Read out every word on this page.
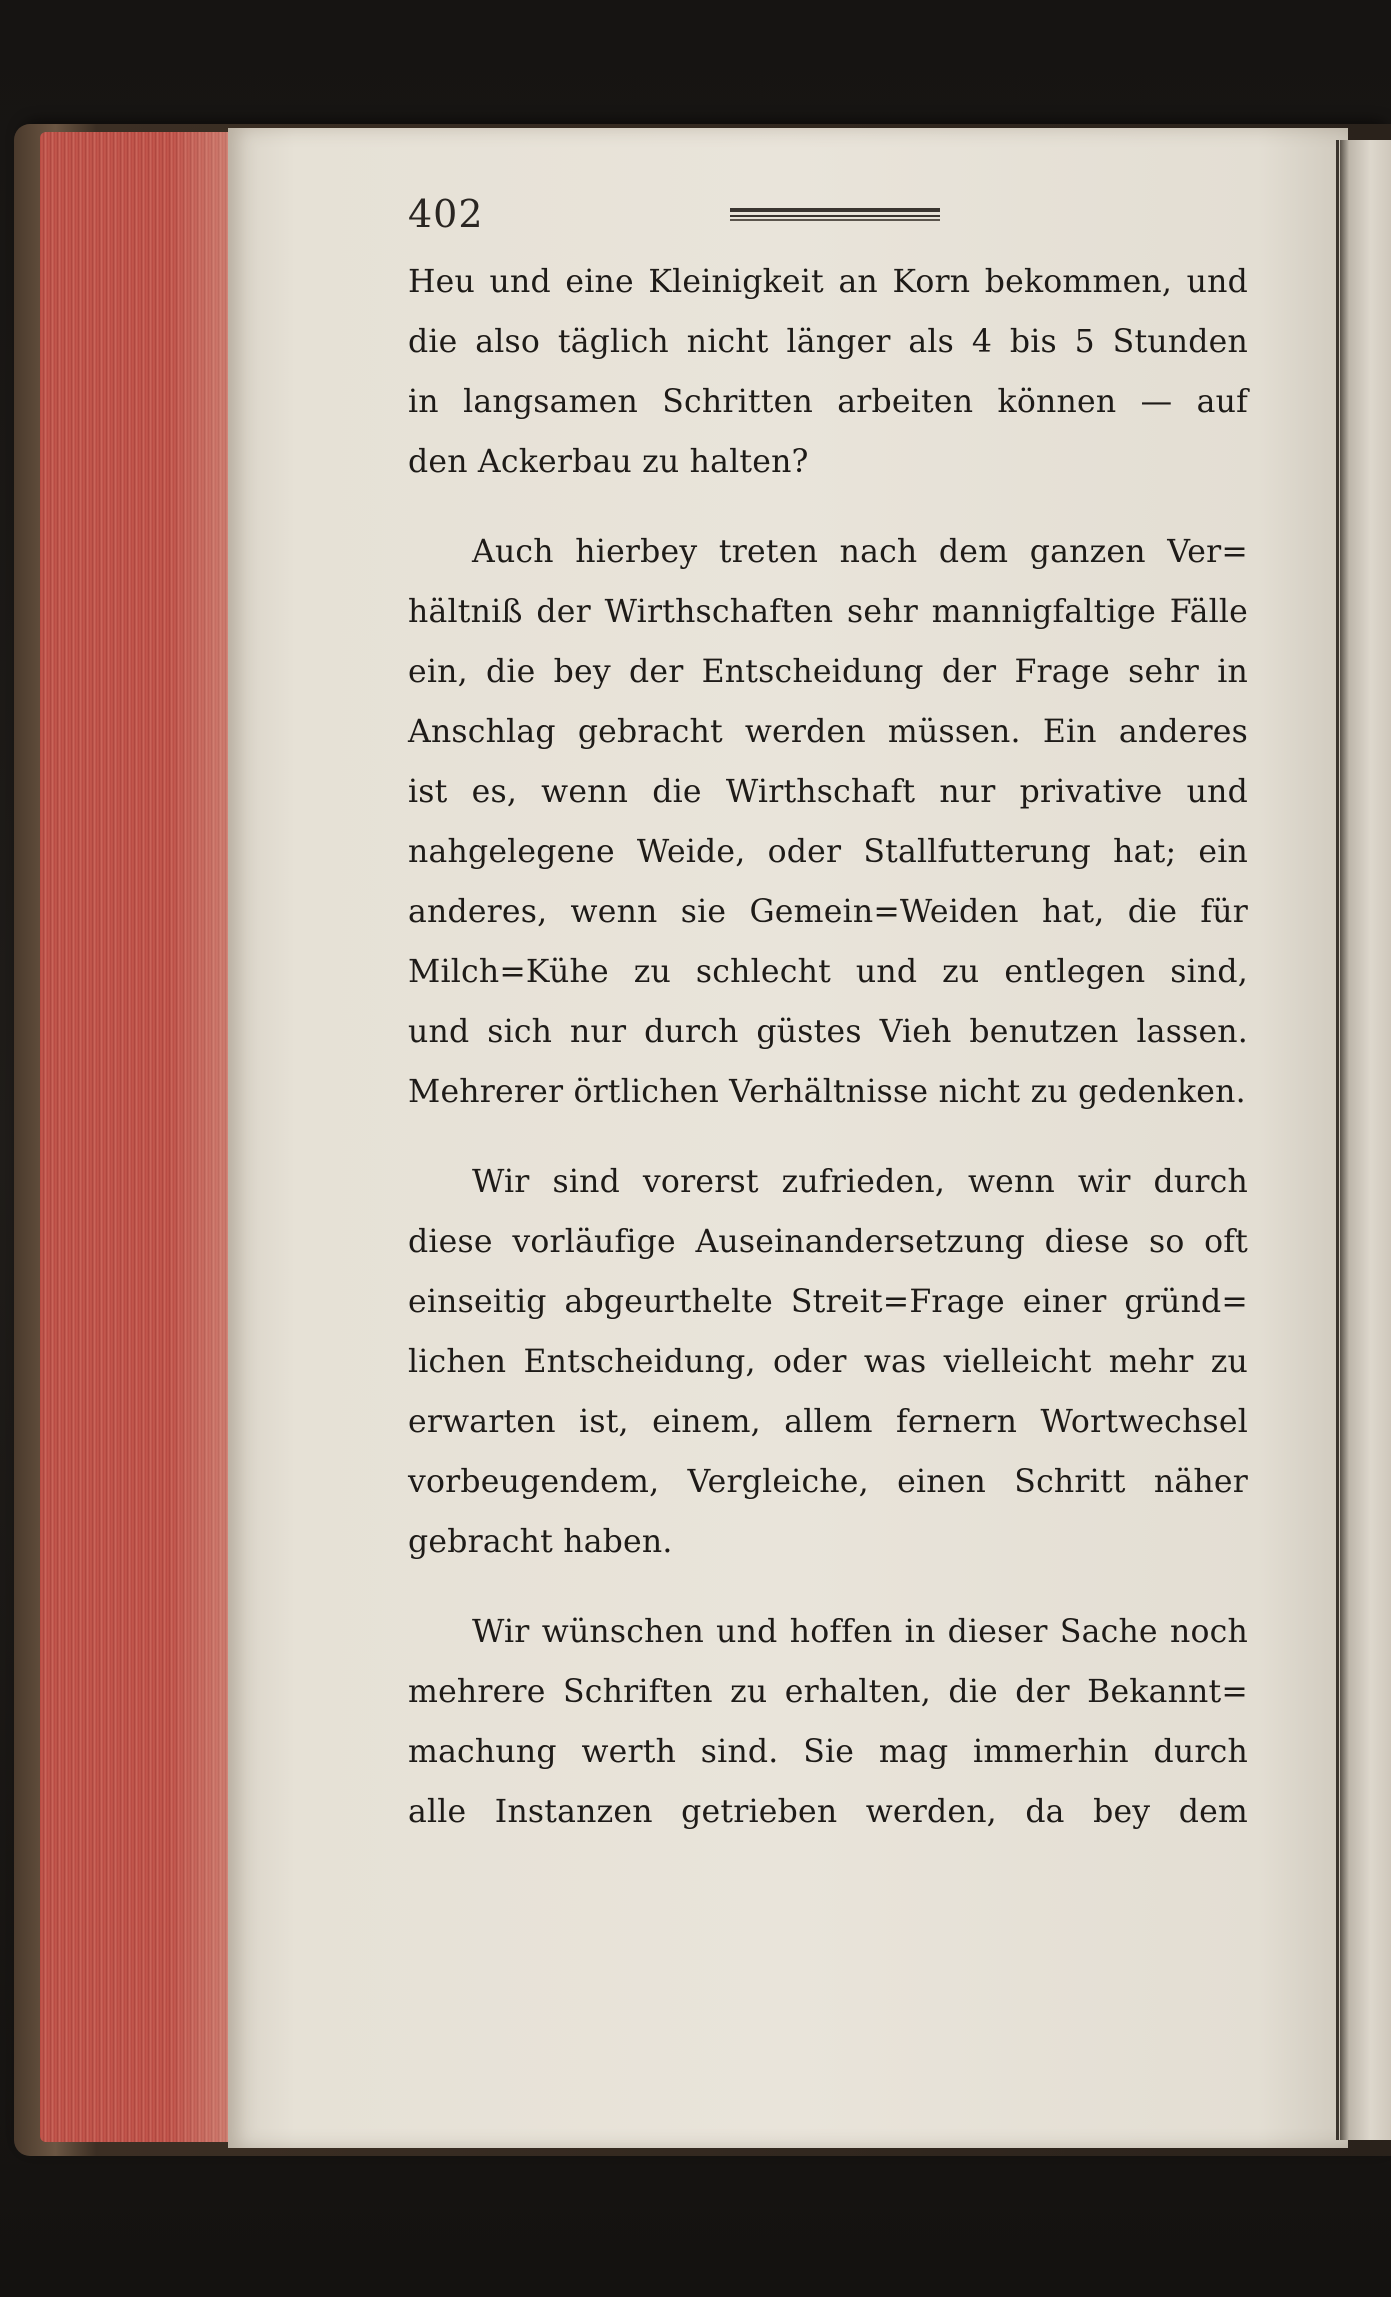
402
Heu und eine Kleinigkeit an Korn bekommen, und
die also täglich nicht länger als 4 bis 5 Stunden
in langsamen Schritten arbeiten können — auf
den Ackerbau zu halten?
Auch hierbey treten nach dem ganzen Ver=
hältniß der Wirthschaften sehr mannigfaltige Fälle
ein, die bey der Entscheidung der Frage sehr in
Anschlag gebracht werden müssen. Ein anderes
ist es, wenn die Wirthschaft nur privative und
nahgelegene Weide, oder Stallfutterung hat; ein
anderes, wenn sie Gemein=Weiden hat, die für
Milch=Kühe zu schlecht und zu entlegen sind,
und sich nur durch güstes Vieh benutzen lassen.
Mehrerer örtlichen Verhältnisse nicht zu gedenken.
Wir sind vorerst zufrieden, wenn wir durch
diese vorläufige Auseinandersetzung diese so oft
einseitig abgeurthelte Streit=Frage einer gründ=
lichen Entscheidung, oder was vielleicht mehr zu
erwarten ist, einem, allem fernern Wortwechsel
vorbeugendem, Vergleiche, einen Schritt näher
gebracht haben.
Wir wünschen und hoffen in dieser Sache noch
mehrere Schriften zu erhalten, die der Bekannt=
machung werth sind. Sie mag immerhin durch
alle Instanzen getrieben werden, da bey dem
